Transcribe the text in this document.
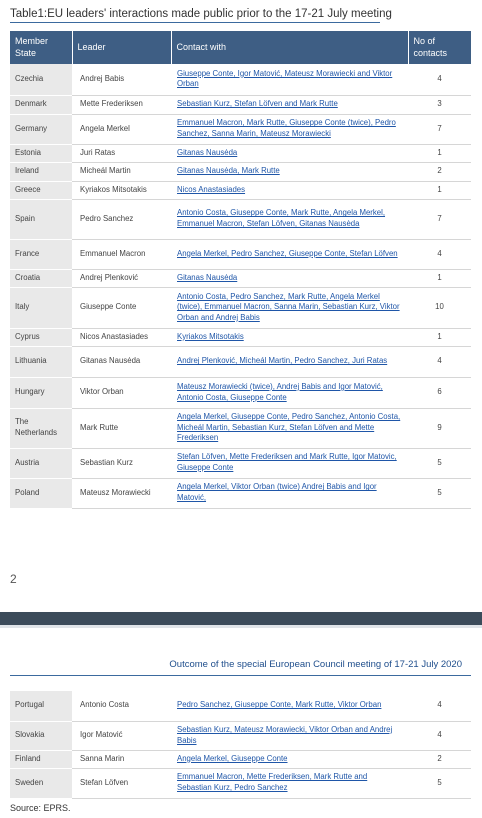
Table1:EU leaders' interactions made public prior to the 17-21 July meeting
Member State	Leader	Contact with	No of contacts
Czechia	Andrej Babis	Giuseppe Conte, Igor Matović, Mateusz Morawiecki and Viktor Orban	4
Denmark	Mette Frederiksen	Sebastian Kurz, Stefan Löfven and Mark Rutte	3
Germany	Angela Merkel	Emmanuel Macron, Mark Rutte, Giuseppe Conte (twice), Pedro Sanchez, Sanna Marin, Mateusz Morawiecki	7
Estonia	Juri Ratas	Gitanas Nausėda	1
Ireland	Micheál Martin	Gitanas Nausėda, Mark Rutte	2
Greece	Kyriakos Mitsotakis	Nicos Anastasiades	1
Spain	Pedro Sanchez	Antonio Costa, Giuseppe Conte, Mark Rutte, Angela Merkel, Emmanuel Macron, Stefan Löfven, Gitanas Nausėda	7
France	Emmanuel Macron	Angela Merkel, Pedro Sanchez, Giuseppe Conte, Stefan Löfven	4
Croatia	Andrej Plenković	Gitanas Nausėda	1
Italy	Giuseppe Conte	Antonio Costa, Pedro Sanchez, Mark Rutte, Angela Merkel (twice), Emmanuel Macron, Sanna Marin, Sebastian Kurz, Viktor Orban and Andrej Babis	10
Cyprus	Nicos Anastasiades	Kyriakos Mitsotakis	1
Lithuania	Gitanas Nausėda	Andrej Plenković, Micheál Martin, Pedro Sanchez, Juri Ratas	4
Hungary	Viktor Orban	Mateusz Morawiecki (twice), Andrej Babis and Igor Matović, Antonio Costa, Giuseppe Conte	6
The Netherlands	Mark Rutte	Angela Merkel, Giuseppe Conte, Pedro Sanchez, Antonio Costa, Micheál Martin, Sebastian Kurz, Stefan Löfven and Mette Frederiksen	9
Austria	Sebastian Kurz	Stefan Löfven, Mette Frederiksen and Mark Rutte, Igor Matovic, Giuseppe Conte	5
Poland	Mateusz Morawiecki	Angela Merkel, Viktor Orban (twice) Andrej Babis and Igor Matović,	5
2
Outcome of the special European Council meeting of 17-21 July 2020
Portugal	Antonio Costa	Pedro Sanchez, Giuseppe Conte, Mark Rutte, Viktor Orban	4
Slovakia	Igor Matović	Sebastian Kurz, Mateusz Morawiecki, Viktor Orban and Andrej Babis	4
Finland	Sanna Marin	Angela Merkel, Giuseppe Conte	2
Sweden	Stefan Löfven	Emmanuel Macron, Mette Frederiksen, Mark Rutte and Sebastian Kurz, Pedro Sanchez	5
Source: EPRS.
